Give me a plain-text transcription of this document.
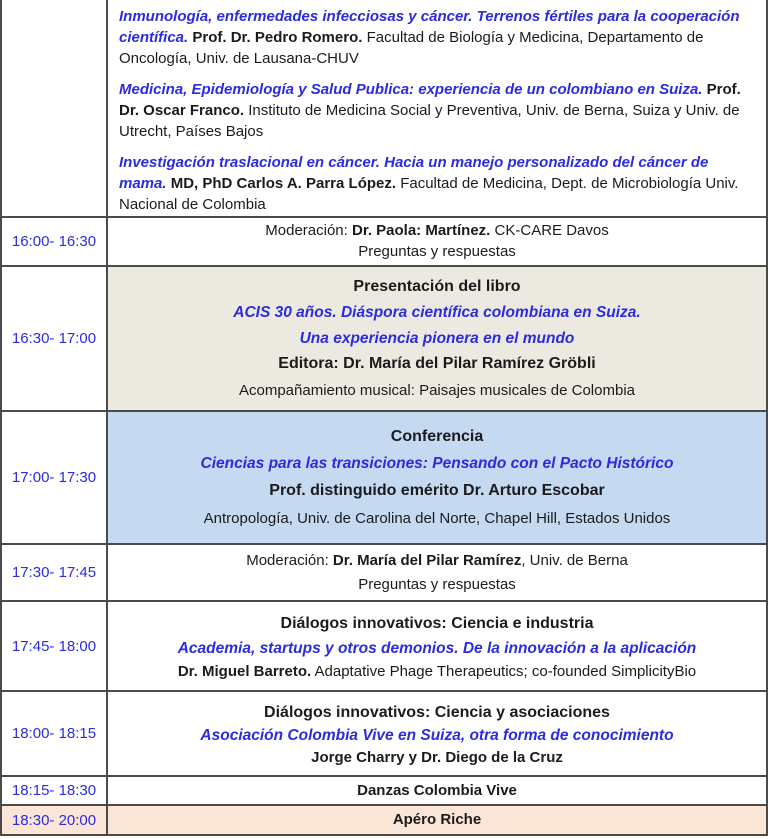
Inmunología, enfermedades infecciosas y cáncer. Terrenos fértiles para la cooperación científica. Prof. Dr. Pedro Romero. Facultad de Biología y Medicina, Departamento de Oncología, Univ. de Lausana-CHUV

Medicina, Epidemiología y Salud Publica: experiencia de un colombiano en Suiza. Prof. Dr. Oscar Franco. Instituto de Medicina Social y Preventiva, Univ. de Berna, Suiza y Univ. de Utrecht, Países Bajos

Investigación traslacional en cáncer. Hacia un manejo personalizado del cáncer de mama. MD, PhD Carlos A. Parra López. Facultad de Medicina, Dept. de Microbiología Univ. Nacional de Colombia

16:00- 16:30
Moderación: Dr. Paola: Martínez. CK-CARE Davos
Preguntas y respuestas
16:30- 17:00
Presentación del libro
ACIS 30 años. Diáspora científica colombiana en Suiza.
Una experiencia pionera en el mundo
Editora: Dr. María del Pilar Ramírez Gröbli
Acompañamiento musical: Paisajes musicales de Colombia
17:00- 17:30
Conferencia
Ciencias para las transiciones: Pensando con el Pacto Histórico
Prof. distinguido emérito Dr. Arturo Escobar
Antropología, Univ. de Carolina del Norte, Chapel Hill, Estados Unidos
17:30- 17:45
Moderación: Dr. María del Pilar Ramírez, Univ. de Berna
Preguntas y respuestas
17:45- 18:00
Diálogos innovativos: Ciencia e industria
Academia, startups y otros demonios. De la innovación a la aplicación
Dr. Miguel Barreto. Adaptative Phage Therapeutics; co-founded SimplicityBio
18:00- 18:15
Diálogos innovativos: Ciencia y asociaciones
Asociación Colombia Vive en Suiza, otra forma de conocimiento
Jorge Charry y Dr. Diego de la Cruz
18:15- 18:30	Danzas Colombia Vive
18:30- 20:00	Apéro Riche
